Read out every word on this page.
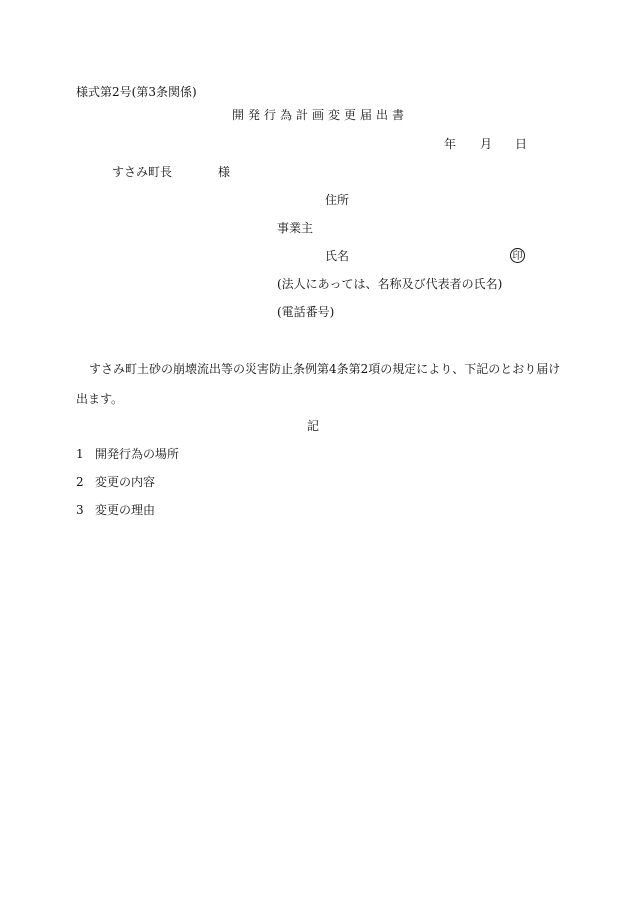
様式第2号(第3条関係)
開発行為計画変更届出書
年 月 日
すさみ町長	様
住所
事業主
氏名	印
(法人にあっては、名称及び代表者の氏名)
(電話番号)
すさみ町土砂の崩壊流出等の災害防止条例第4条第2項の規定により、下記のとおり届け
出ます。
記
1 開発行為の場所
2 変更の内容
3 変更の理由
